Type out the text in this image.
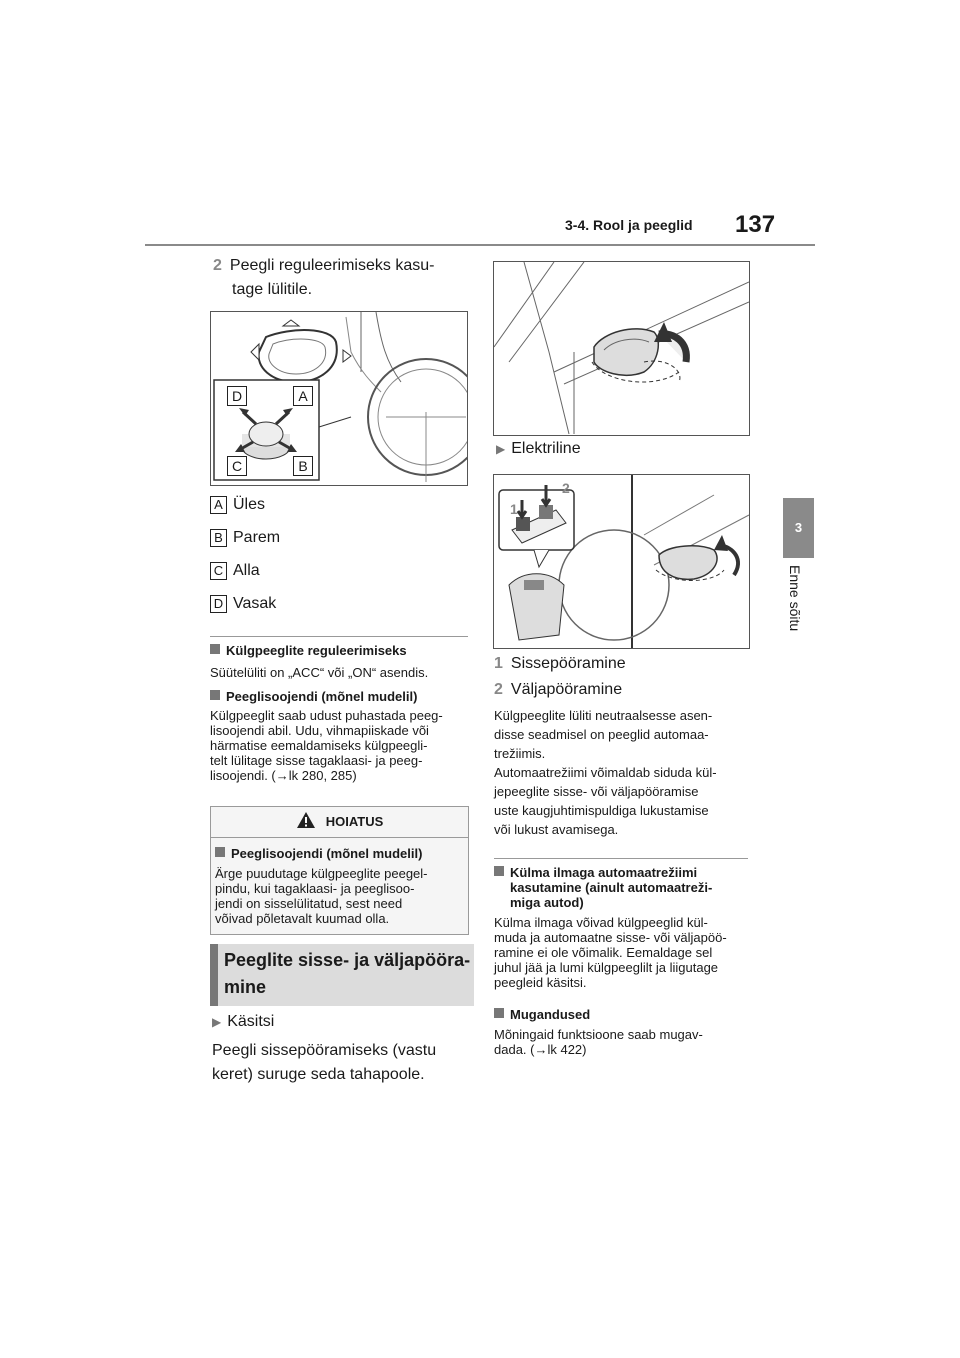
3-4. Rool ja peeglid 137
3
Enne sõitu
2 Peegli reguleerimiseks kasu-
tage lülitile.
D	A
C	B
A Üles
B Parem
C Alla
D Vasak
Külgpeeglite reguleerimiseks
Süütelüliti on „ACC“ või „ON“ asendis.
Peeglisoojendi (mõnel mudelil)
Külgpeeglit saab udust puhastada peeg-
lisoojendi abil. Udu, vihmapiiskade või
härmatise eemaldamiseks külgpeegli-
telt lülitage sisse tagaklaasi- ja peeg-
lisoojendi. (→lk 280, 285)
HOIATUS
Peeglisoojendi (mõnel mudelil)
Ärge puudutage külgpeeglite peegel-
pindu, kui tagaklaasi- ja peeglisoo-
jendi on sisselülitatud, sest need
võivad põletavalt kuumad olla.
Peeglite sisse- ja väljapööra-
mine
▶ Käsitsi
Peegli sissepööramiseks (vastu
keret) suruge seda tahapoole.
▶ Elektriline
1
2
1 Sissepööramine
2 Väljapööramine
Külgpeeglite lüliti neutraalsesse asen-
disse seadmisel on peeglid automaa-
trežiimis.
Automaatrežiimi võimaldab siduda kül-
jepeeglite sisse- või väljapööramise
uste kaugjuhtimispuldiga lukustamise
või lukust avamisega.
Külma ilmaga automaatrežiimi
kasutamine (ainult automaatreži-
miga autod)
Külma ilmaga võivad külgpeeglid kül-
muda ja automaatne sisse- või väljapöö-
ramine ei ole võimalik. Eemaldage sel
juhul jää ja lumi külgpeeglilt ja liigutage
peegleid käsitsi.
Mugandused
Mõningaid funktsioone saab mugav-
dada. (→lk 422)
